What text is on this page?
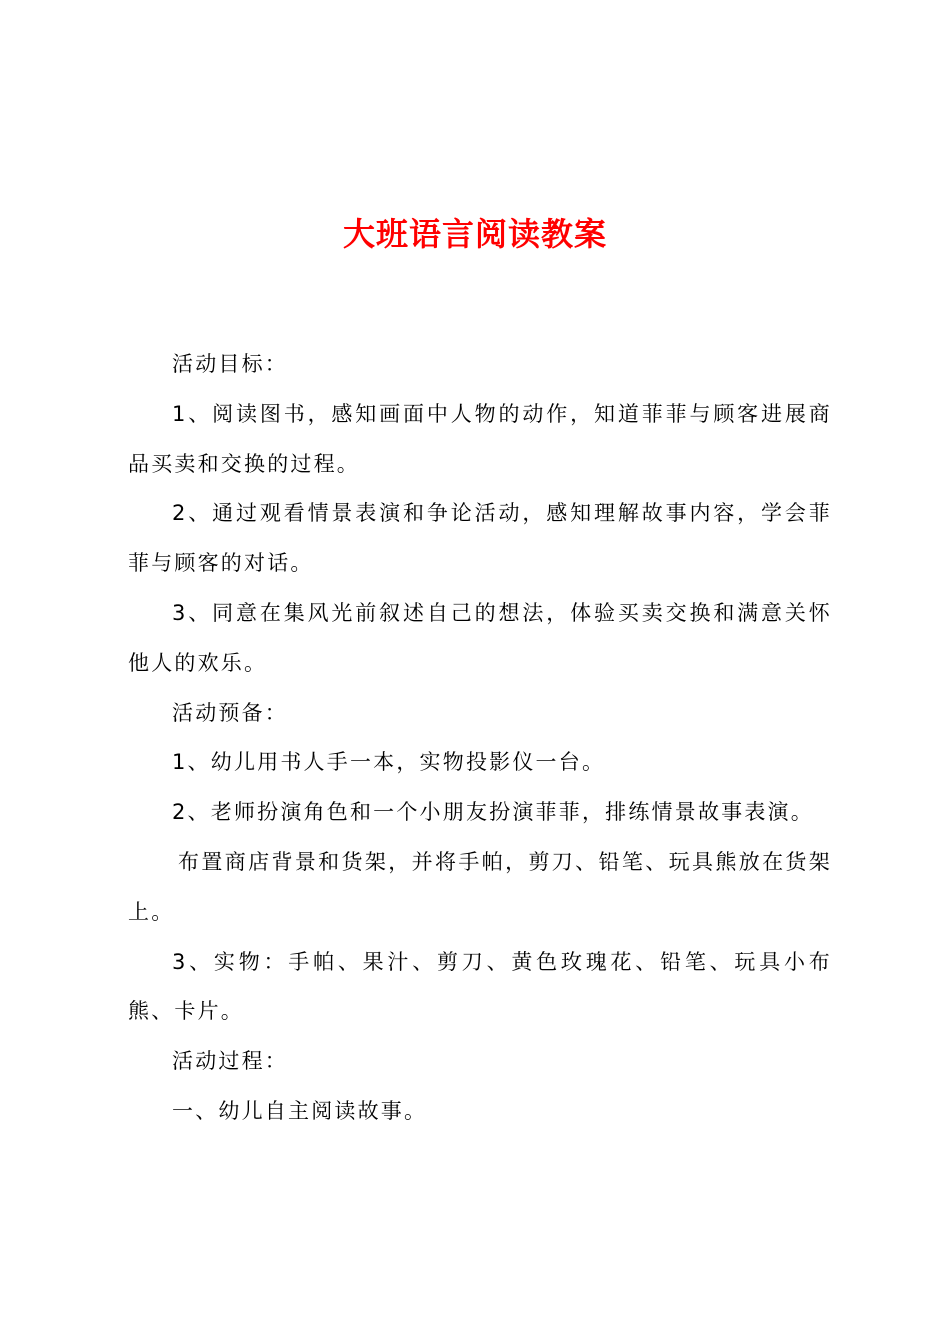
大班语言阅读教案

活动目标：

1、阅读图书，感知画面中人物的动作，知道菲菲与顾客进展商品买卖和交换的过程。

2、通过观看情景表演和争论活动，感知理解故事内容，学会菲菲与顾客的对话。

3、同意在集风光前叙述自己的想法，体验买卖交换和满意关怀他人的欢乐。

活动预备：

1、幼儿用书人手一本，实物投影仪一台。

2、老师扮演角色和一个小朋友扮演菲菲，排练情景故事表演。

布置商店背景和货架，并将手帕，剪刀、铅笔、玩具熊放在货架上。

3、实物：手帕、果汁、剪刀、黄色玫瑰花、铅笔、玩具小布熊、卡片。

活动过程：

一、幼儿自主阅读故事。
